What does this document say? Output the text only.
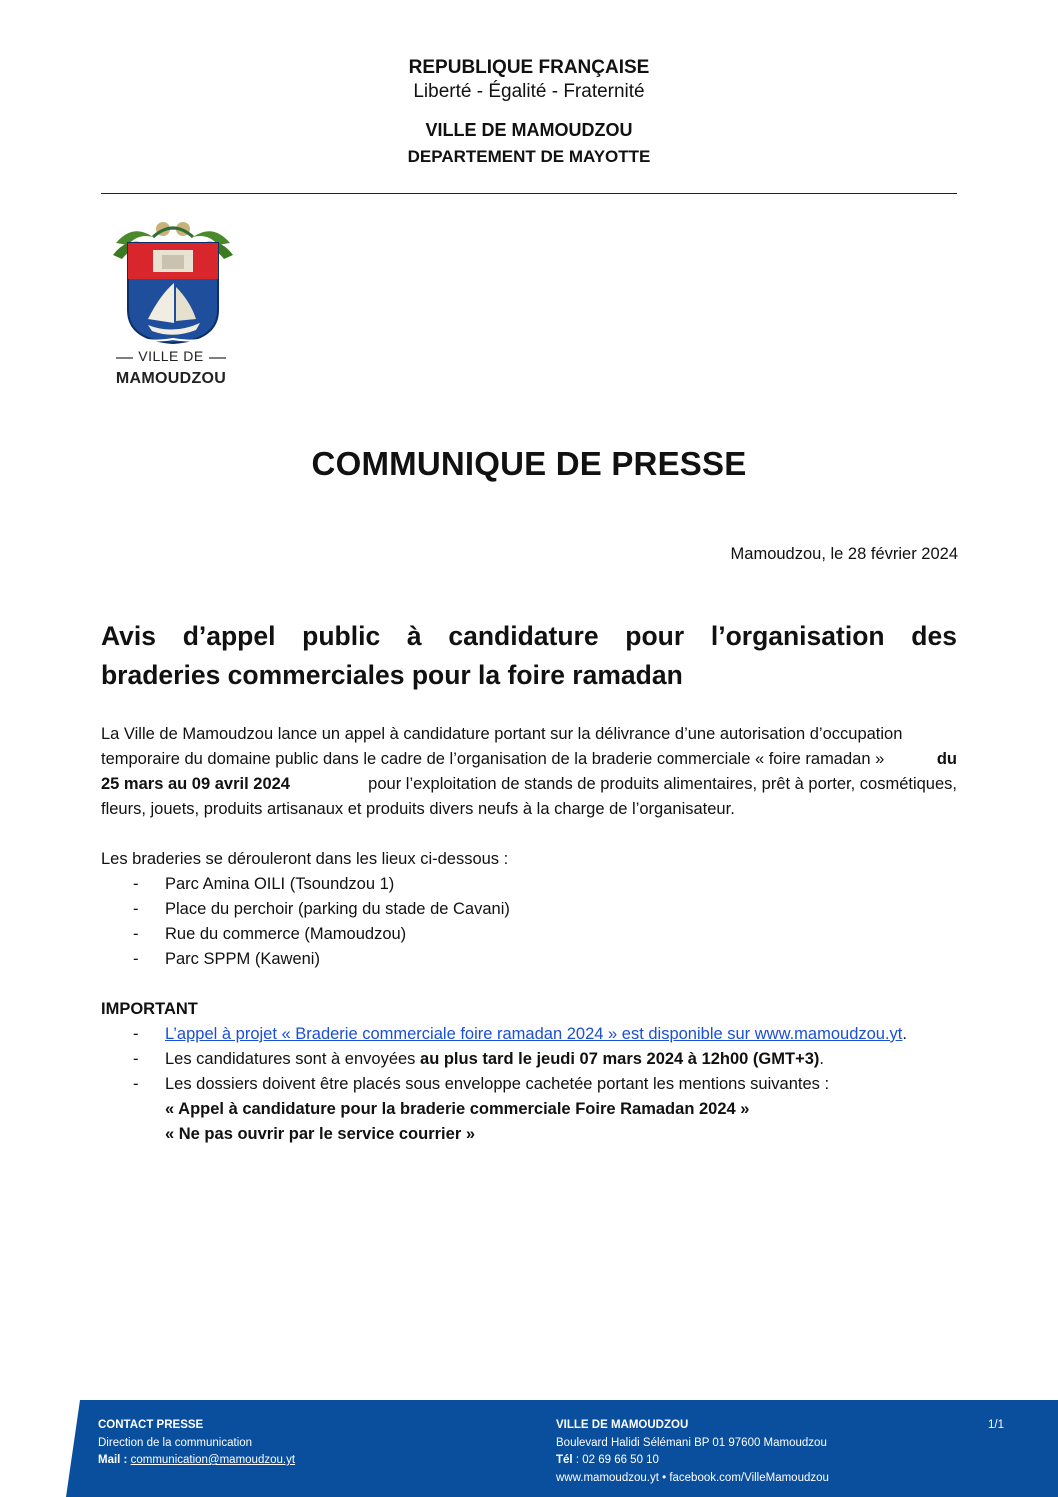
REPUBLIQUE FRANÇAISE
Liberté - Égalité - Fraternité
VILLE DE MAMOUDZOU
DEPARTEMENT DE MAYOTTE
VILLE DE
MAMOUDZOU
COMMUNIQUE DE PRESSE
Mamoudzou, le 28 février 2024
Avis d’appel public à candidature pour l’organisation des
braderies commerciales pour la foire ramadan
La Ville de Mamoudzou lance un appel à candidature portant sur la délivrance d’une autorisation d’occupation
temporaire du domaine public dans le cadre de l’organisation de la braderie commerciale « foire ramadan »	du
25 mars au 09 avril 2024	pour l’exploitation de stands de produits alimentaires, prêt à porter, cosmétiques,
fleurs, jouets, produits artisanaux et produits divers neufs à la charge de l’organisateur.
Les braderies se dérouleront dans les lieux ci-dessous :
- Parc Amina OILI (Tsoundzou 1)
- Place du perchoir (parking du stade de Cavani)
- Rue du commerce (Mamoudzou)
- Parc SPPM (Kaweni)
IMPORTANT
- L’appel à projet « Braderie commerciale foire ramadan 2024 » est disponible sur www.mamoudzou.yt.
- Les candidatures sont à envoyées au plus tard le jeudi 07 mars 2024 à 12h00 (GMT+3).
- Les dossiers doivent être placés sous enveloppe cachetée portant les mentions suivantes :
« Appel à candidature pour la braderie commerciale Foire Ramadan 2024 »
« Ne pas ouvrir par le service courrier »
CONTACT PRESSE
Direction de la communication
Mail : communication@mamoudzou.yt
VILLE DE MAMOUDZOU
Boulevard Halidi Sélémani BP 01 97600 Mamoudzou
Tél : 02 69 66 50 10
www.mamoudzou.yt • facebook.com/VilleMamoudzou
1/1
